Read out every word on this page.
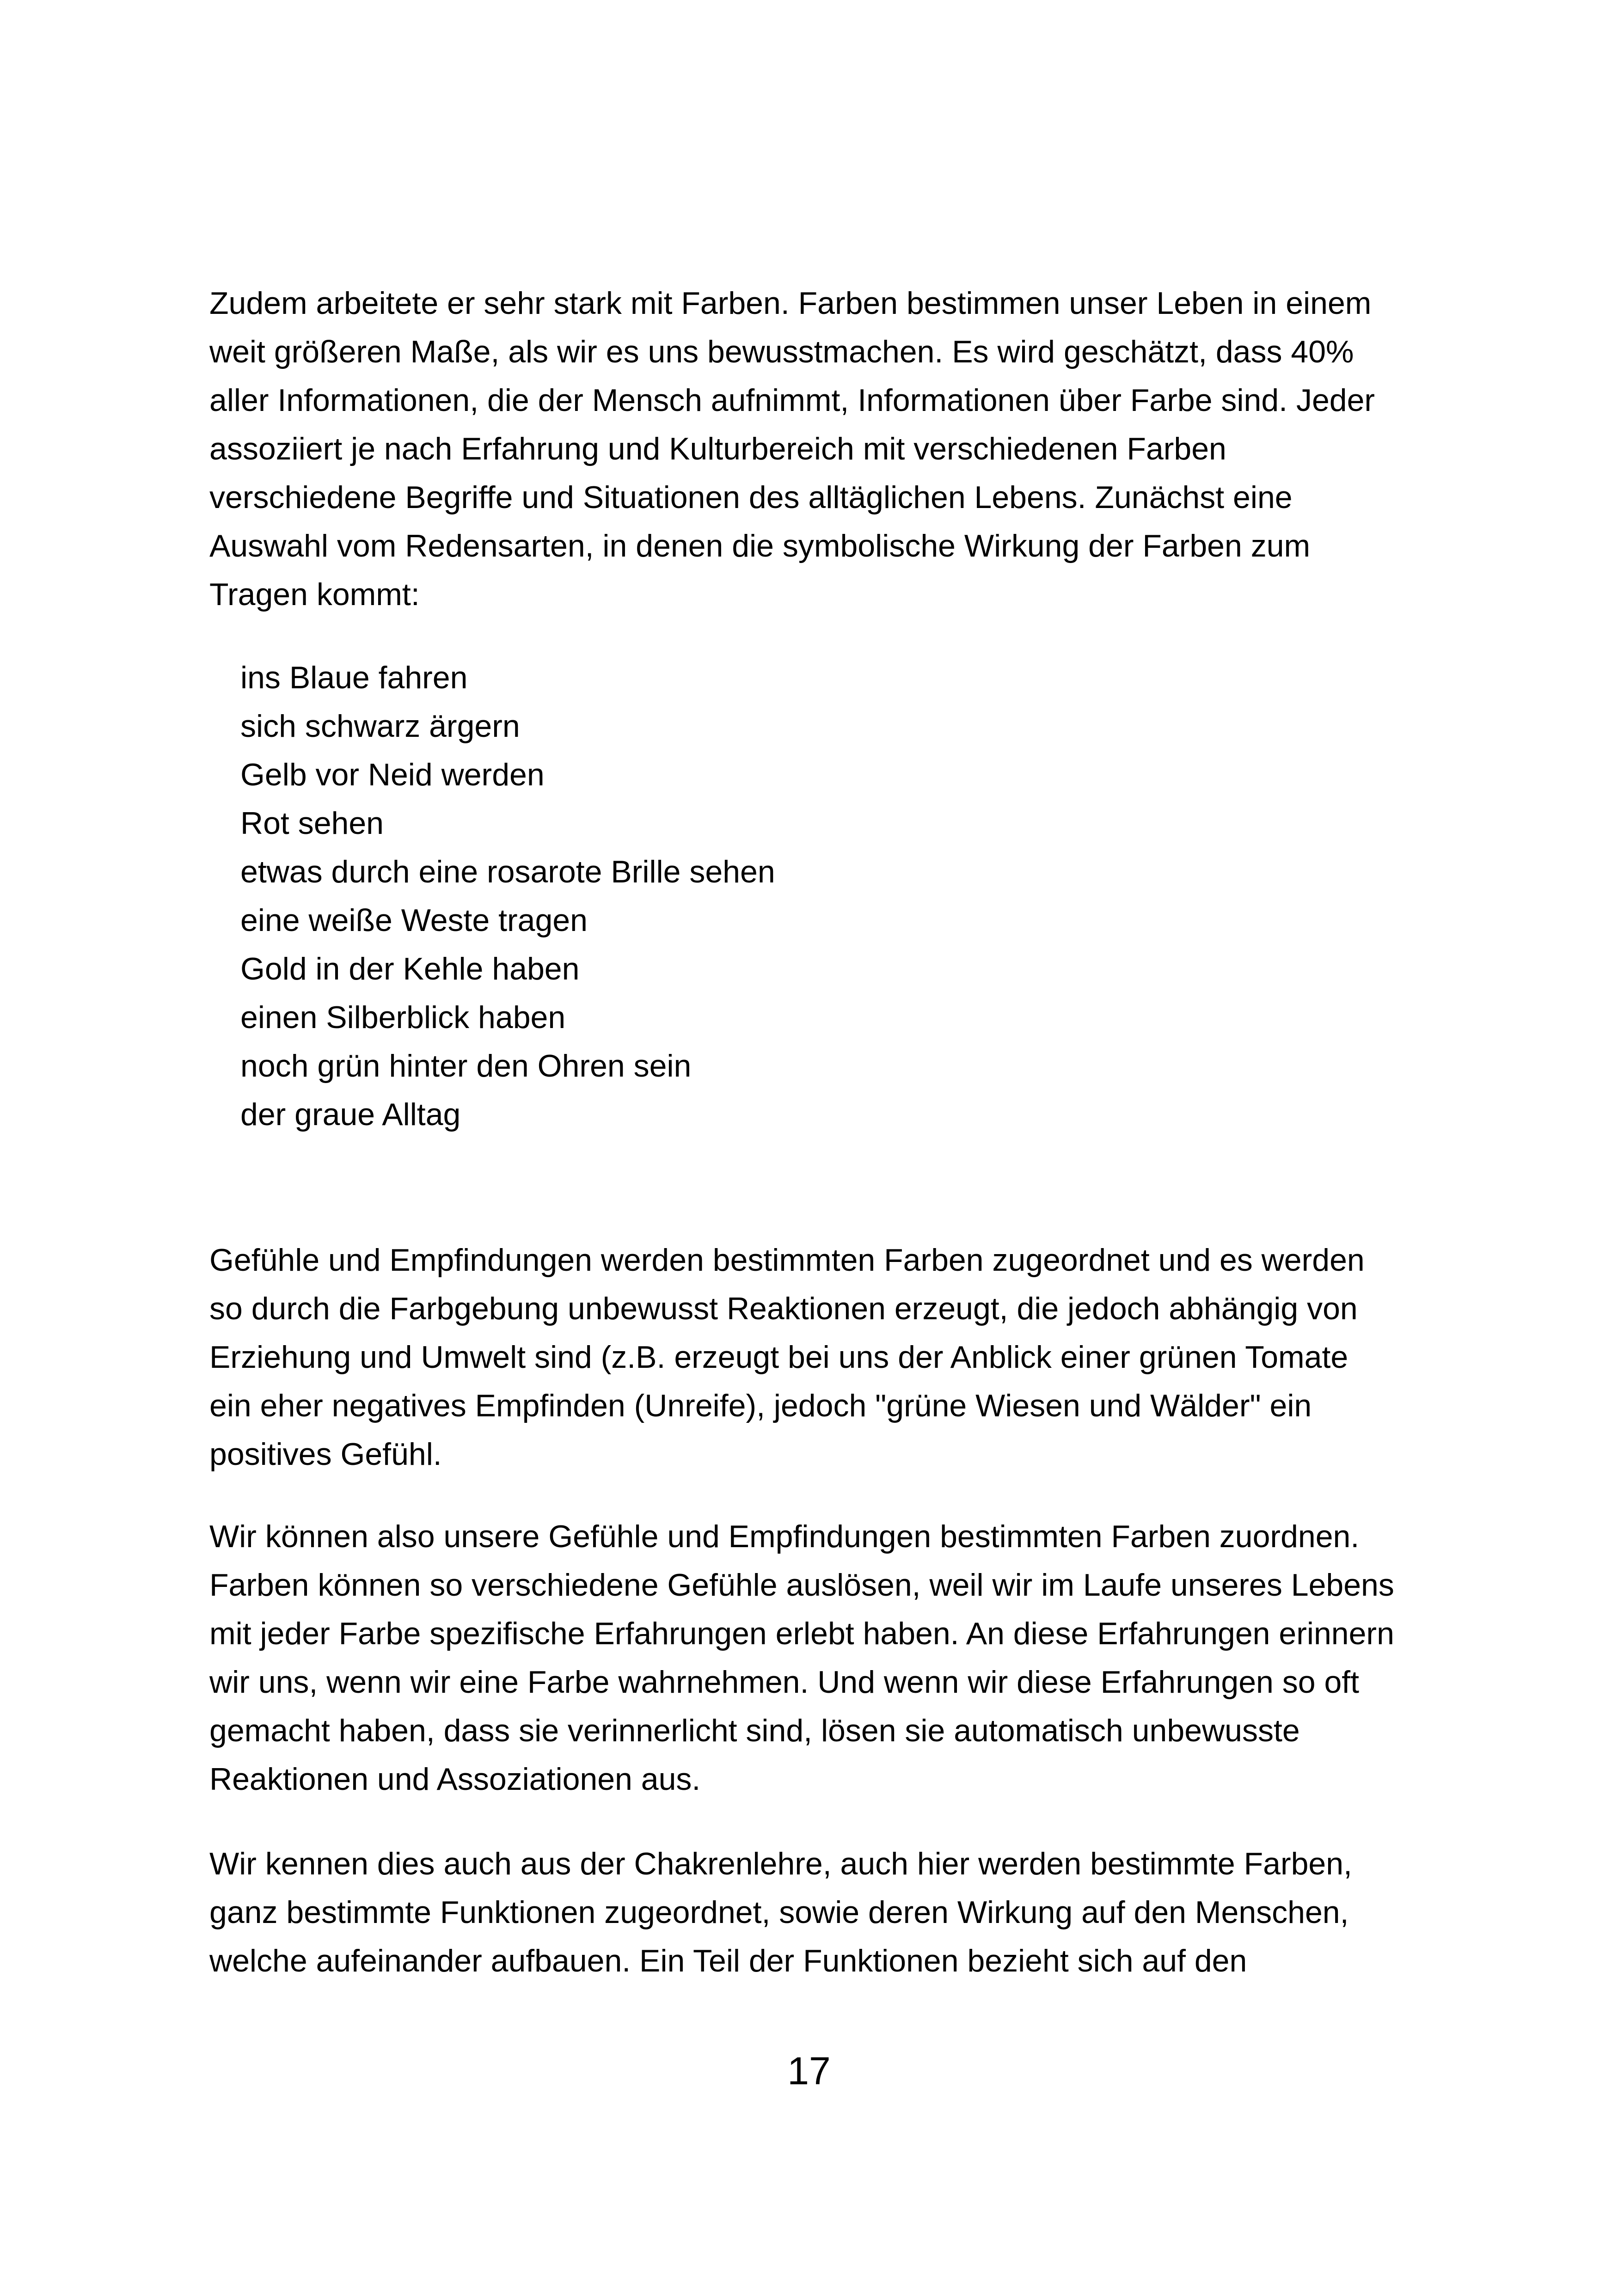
Zudem arbeitete er sehr stark mit Farben. Farben bestimmen unser Leben in einem
weit größeren Maße, als wir es uns bewusstmachen. Es wird geschätzt, dass 40%
aller Informationen, die der Mensch aufnimmt, Informationen über Farbe sind. Jeder
assoziiert je nach Erfahrung und Kulturbereich mit verschiedenen Farben
verschiedene Begriffe und Situationen des alltäglichen Lebens. Zunächst eine
Auswahl vom Redensarten, in denen die symbolische Wirkung der Farben zum
Tragen kommt:
ins Blaue fahren
sich schwarz ärgern
Gelb vor Neid werden
Rot sehen
etwas durch eine rosarote Brille sehen
eine weiße Weste tragen
Gold in der Kehle haben
einen Silberblick haben
noch grün hinter den Ohren sein
der graue Alltag
Gefühle und Empfindungen werden bestimmten Farben zugeordnet und es werden
so durch die Farbgebung unbewusst Reaktionen erzeugt, die jedoch abhängig von
Erziehung und Umwelt sind (z.B. erzeugt bei uns der Anblick einer grünen Tomate
ein eher negatives Empfinden (Unreife), jedoch "grüne Wiesen und Wälder" ein
positives Gefühl.
Wir können also unsere Gefühle und Empfindungen bestimmten Farben zuordnen.
Farben können so verschiedene Gefühle auslösen, weil wir im Laufe unseres Lebens
mit jeder Farbe spezifische Erfahrungen erlebt haben. An diese Erfahrungen erinnern
wir uns, wenn wir eine Farbe wahrnehmen. Und wenn wir diese Erfahrungen so oft
gemacht haben, dass sie verinnerlicht sind, lösen sie automatisch unbewusste
Reaktionen und Assoziationen aus.
Wir kennen dies auch aus der Chakrenlehre, auch hier werden bestimmte Farben,
ganz bestimmte Funktionen zugeordnet, sowie deren Wirkung auf den Menschen,
welche aufeinander aufbauen. Ein Teil der Funktionen bezieht sich auf den
17
